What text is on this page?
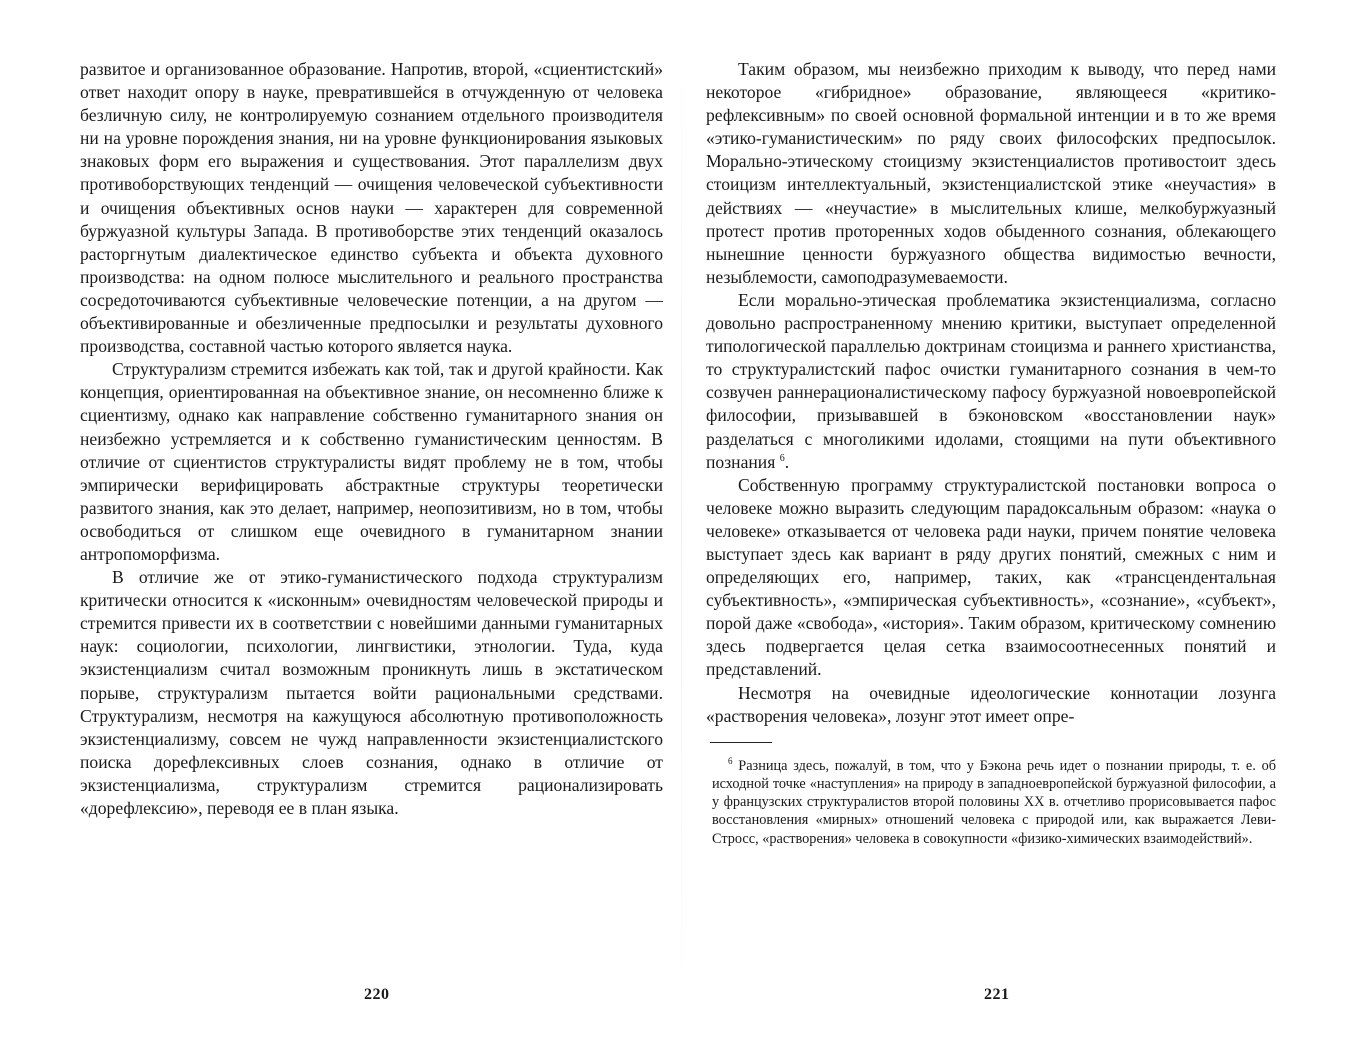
развитое и организованное образование. Напротив, второй, «сциентистский» ответ находит опору в науке, превратившейся в отчужденную от человека безличную силу, не контролируемую сознанием отдельного производителя ни на уровне порождения знания, ни на уровне функционирования языковых знаковых форм его выражения и существования. Этот параллелизм двух противоборствующих тенденций — очищения человеческой субъективности и очищения объективных основ науки — характерен для современной буржуазной культуры Запада. В противоборстве этих тенденций оказалось расторгнутым диалектическое единство субъекта и объекта духовного производства: на одном полюсе мыслительного и реального пространства сосредоточиваются субъективные человеческие потенции, а на другом — объективированные и обезличенные предпосылки и результаты духовного производства, составной частью которого является наука.

Структурализм стремится избежать как той, так и другой крайности. Как концепция, ориентированная на объективное знание, он несомненно ближе к сциентизму, однако как направление собственно гуманитарного знания он неизбежно устремляется и к собственно гуманистическим ценностям. В отличие от сциентистов структуралисты видят проблему не в том, чтобы эмпирически верифицировать абстрактные структуры теоретически развитого знания, как это делает, например, неопозитивизм, но в том, чтобы освободиться от слишком еще очевидного в гуманитарном знании антропоморфизма.

В отличие же от этико-гуманистического подхода структурализм критически относится к «исконным» очевидностям человеческой природы и стремится привести их в соответствии с новейшими данными гуманитарных наук: социологии, психологии, лингвистики, этнологии. Туда, куда экзистенциализм считал возможным проникнуть лишь в экстатическом порыве, структурализм пытается войти рациональными средствами. Структурализм, несмотря на кажущуюся абсолютную противоположность экзистенциализму, совсем не чужд направленности экзистенциалистского поиска дорефлексивных слоев сознания, однако в отличие от экзистенциализма, структурализм стремится рационализировать «дорефлексию», переводя ее в план языка.

220

Таким образом, мы неизбежно приходим к выводу, что перед нами некоторое «гибридное» образование, являющееся «критико-рефлексивным» по своей основной формальной интенции и в то же время «этико-гуманистическим» по ряду своих философских предпосылок. Морально-этическому стоицизму экзистенциалистов противостоит здесь стоицизм интеллектуальный, экзистенциалистской этике «неучастия» в действиях — «неучастие» в мыслительных клише, мелкобуржуазный протест против проторенных ходов обыденного сознания, облекающего нынешние ценности буржуазного общества видимостью вечности, незыблемости, самоподразумеваемости.

Если морально-этическая проблематика экзистенциализма, согласно довольно распространенному мнению критики, выступает определенной типологической параллелью доктринам стоицизма и раннего христианства, то структуралистский пафос очистки гуманитарного сознания в чем-то созвучен раннерационалистическому пафосу буржуазной новоевропейской философии, призывавшей в бэконовском «восстановлении наук» разделаться с многоликими идолами, стоящими на пути объективного познания $^6$.

Собственную программу структуралистской постановки вопроса о человеке можно выразить следующим парадоксальным образом: «наука о человеке» отказывается от человека ради науки, причем понятие человека выступает здесь как вариант в ряду других понятий, смежных с ним и определяющих его, например, таких, как «трансцендентальная субъективность», «эмпирическая субъективность», «сознание», «субъект», порой даже «свобода», «история». Таким образом, критическому сомнению здесь подвергается целая сетка взаимосоотнесенных понятий и представлений.

Несмотря на очевидные идеологические коннотации лозунга «растворения человека», лозунг этот имеет опре-

$^6$ Разница здесь, пожалуй, в том, что у Бэкона речь идет о познании природы, т. е. об исходной точке «наступления» на природу в западноевропейской буржуазной философии, а у французских структуралистов второй половины XX в. отчетливо прорисовывается пафос восстановления «мирных» отношений человека с природой или, как выражается Леви-Стросс, «растворения» человека в совокупности «физико-химических взаимодействий».

221
